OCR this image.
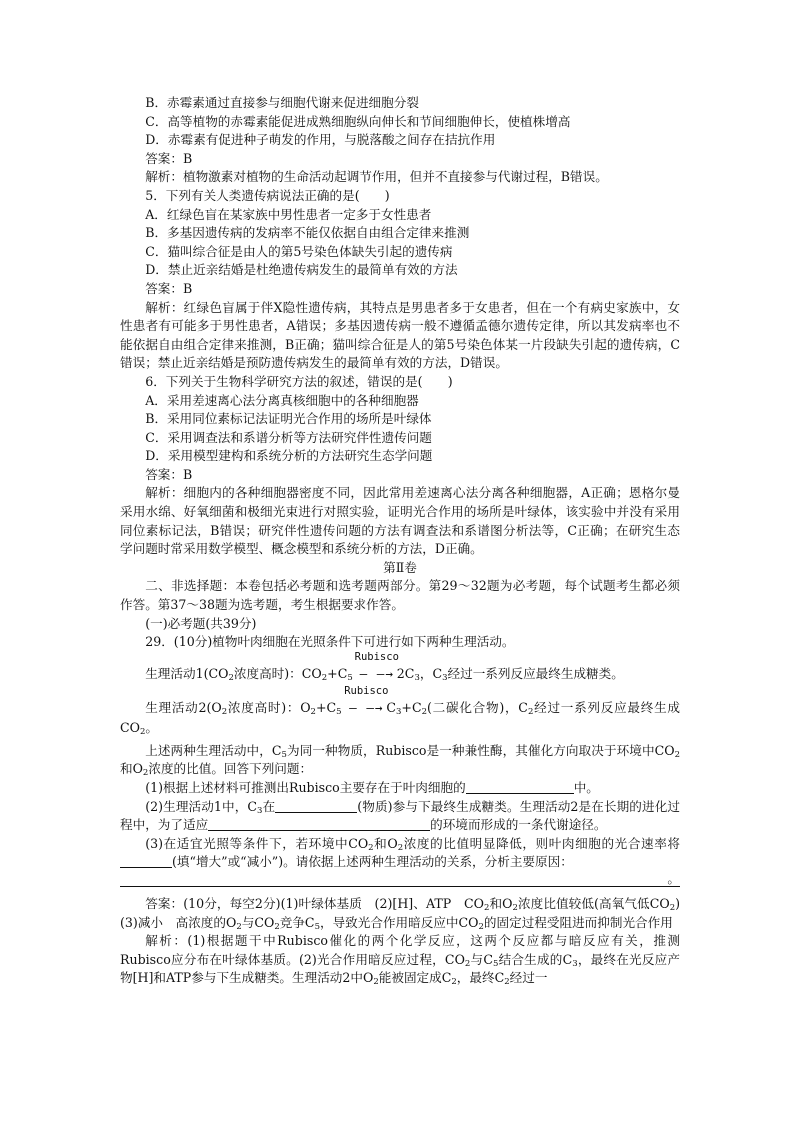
B．赤霉素通过直接参与细胞代谢来促进细胞分裂

C．高等植物的赤霉素能促进成熟细胞纵向伸长和节间细胞伸长，使植株增高

D．赤霉素有促进种子萌发的作用，与脱落酸之间存在拮抗作用

答案：B

解析：植物激素对植物的生命活动起调节作用，但并不直接参与代谢过程，B错误。

5．下列有关人类遗传病说法正确的是(　　)

A．红绿色盲在某家族中男性患者一定多于女性患者

B．多基因遗传病的发病率不能仅依据自由组合定律来推测

C．猫叫综合征是由人的第5号染色体缺失引起的遗传病

D．禁止近亲结婚是杜绝遗传病发生的最简单有效的方法

答案：B

解析：红绿色盲属于伴X隐性遗传病，其特点是男患者多于女患者，但在一个有病史家族中，女性患者有可能多于男性患者，A错误；多基因遗传病一般不遵循孟德尔遗传定律，所以其发病率也不能依据自由组合定律来推测，B正确；猫叫综合征是人的第5号染色体某一片段缺失引起的遗传病，C错误；禁止近亲结婚是预防遗传病发生的最简单有效的方法，D错误。

6．下列关于生物科学研究方法的叙述，错误的是(　　)

A．采用差速离心法分离真核细胞中的各种细胞器

B．采用同位素标记法证明光合作用的场所是叶绿体

C．采用调查法和系谱分析等方法研究伴性遗传问题

D．采用模型建构和系统分析的方法研究生态学问题

答案：B

解析：细胞内的各种细胞器密度不同，因此常用差速离心法分离各种细胞器，A正确；恩格尔曼采用水绵、好氧细菌和极细光束进行对照实验，证明光合作用的场所是叶绿体，该实验中并没有采用同位素标记法，B错误；研究伴性遗传问题的方法有调查法和系谱图分析法等，C正确；在研究生态学问题时常采用数学模型、概念模型和系统分析的方法，D正确。

第Ⅱ卷

二、非选择题：本卷包括必考题和选考题两部分。第29～32题为必考题，每个试题考生都必须作答。第37～38题为选考题，考生根据要求作答。

(一)必考题(共39分)

29．(10分)植物叶肉细胞在光照条件下可进行如下两种生理活动。

生理活动$1(CO_2$浓度高时)：$CO_2+C_5$
Rubisco
— —→ $2C_3$，$C_3$经过一系列反应最终生成糖类。

生理活动$2(O_2$浓度高时)：$O_2+C_5$
Rubisco
— —→ $C_3+C_2$(二碳化合物)，$C_2$经过一系列反应最终生成$CO_2$。

上述两种生理活动中，$C_5$为同一种物质，Rubisco是一种兼性酶，其催化方向取决于环境中$CO_2$和$O_2$浓度的比值。回答下列问题：

(1)根据上述材料可推测出Rubisco主要存在于叶肉细胞的	中。

(2)生理活动1中，$C_3$在	(物质)参与下最终生成糖类。生理活动2是在长期的进化过程中，为了适应	的环境而形成的一条代谢途径。

(3)在适宜光照等条件下，若环境中$CO_2$和$O_2$浓度的比值明显降低，则叶肉细胞的光合速率将(填“增大”或“减小”)。请依据上述两种生理活动的关系，分析主要原因：

。

答案：(10分，每空2分)(1)叶绿体基质　(2)[H]、ATP　$CO_2$和$O_2$浓度比值较低(高氧气低$CO_2$)　(3)减小　高浓度的$O_2$与$CO_2$竞争$C_5$，导致光合作用暗反应中$CO_2$的固定过程受阻进而抑制光合作用

解析：(1)根据题干中Rubisco催化的两个化学反应，这两个反应都与暗反应有关，推测Rubisco应分布在叶绿体基质。(2)光合作用暗反应过程，$CO_2$与$C_5$结合生成的$C_3$，最终在光反应产物[H]和ATP参与下生成糖类。生理活动2中$O_2$能被固定成$C_2$，最终$C_2$经过一
